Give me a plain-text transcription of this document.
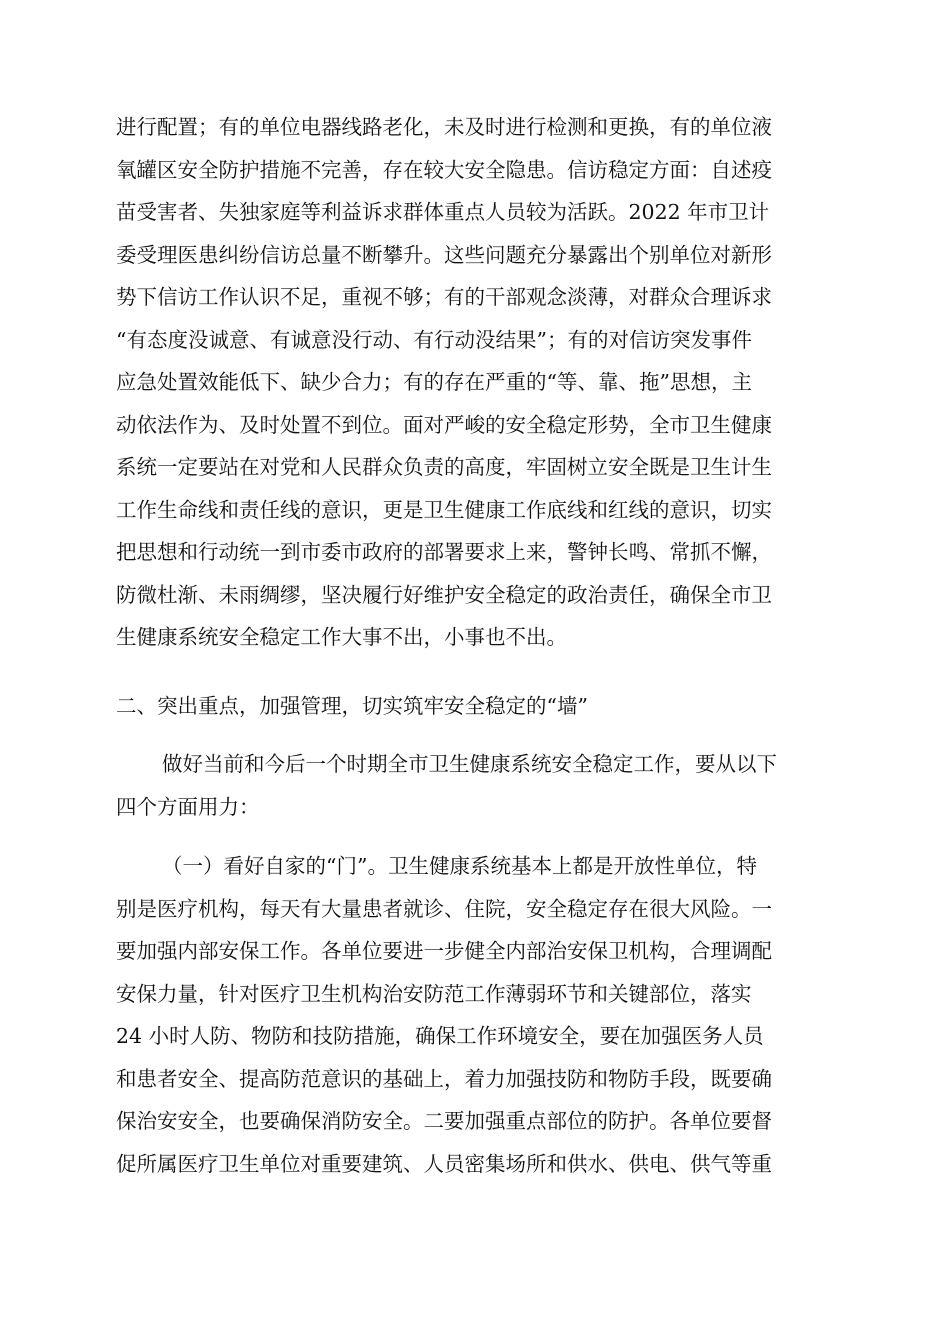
进行配置；有的单位电器线路老化，未及时进行检测和更换，有的单位液
氧罐区安全防护措施不完善，存在较大安全隐患。信访稳定方面：自述疫
苗受害者、失独家庭等利益诉求群体重点人员较为活跃。2022 年市卫计
委受理医患纠纷信访总量不断攀升。这些问题充分暴露出个别单位对新形
势下信访工作认识不足，重视不够；有的干部观念淡薄，对群众合理诉求
“有态度没诚意、有诚意没行动、有行动没结果”；有的对信访突发事件
应急处置效能低下、缺少合力；有的存在严重的“等、靠、拖”思想，主
动依法作为、及时处置不到位。面对严峻的安全稳定形势，全市卫生健康
系统一定要站在对党和人民群众负责的高度，牢固树立安全既是卫生计生
工作生命线和责任线的意识，更是卫生健康工作底线和红线的意识，切实
把思想和行动统一到市委市政府的部署要求上来，警钟长鸣、常抓不懈，
防微杜渐、未雨绸缪，坚决履行好维护安全稳定的政治责任，确保全市卫
生健康系统安全稳定工作大事不出，小事也不出。
二、突出重点，加强管理，切实筑牢安全稳定的“墙”
做好当前和今后一个时期全市卫生健康系统安全稳定工作，要从以下
四个方面用力：
（一）看好自家的“门”。卫生健康系统基本上都是开放性单位，特
别是医疗机构，每天有大量患者就诊、住院，安全稳定存在很大风险。一
要加强内部安保工作。各单位要进一步健全内部治安保卫机构，合理调配
安保力量，针对医疗卫生机构治安防范工作薄弱环节和关键部位，落实
24 小时人防、物防和技防措施，确保工作环境安全，要在加强医务人员
和患者安全、提高防范意识的基础上，着力加强技防和物防手段，既要确
保治安安全，也要确保消防安全。二要加强重点部位的防护。各单位要督
促所属医疗卫生单位对重要建筑、人员密集场所和供水、供电、供气等重
